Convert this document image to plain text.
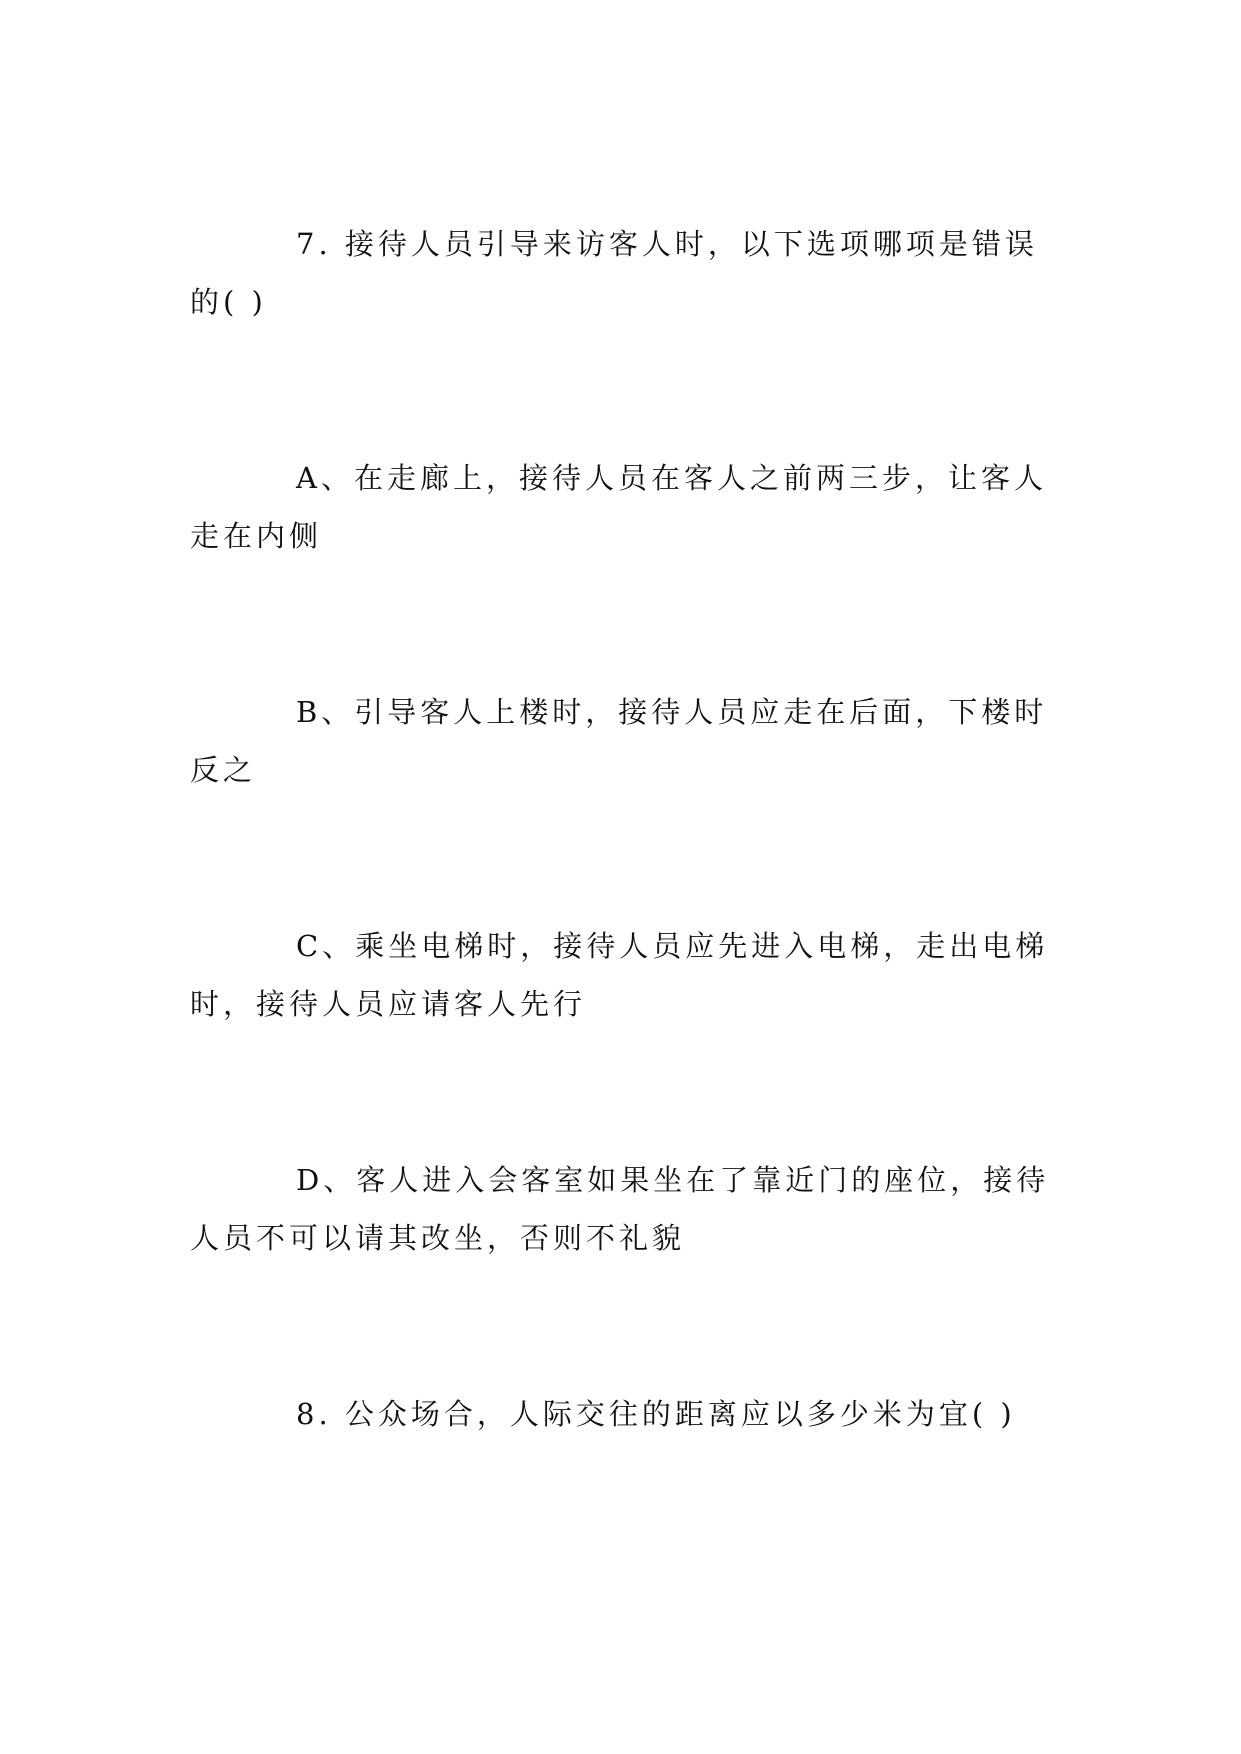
7. 接待人员引导来访客人时，以下选项哪项是错误的( )

A、在走廊上，接待人员在客人之前两三步，让客人走在内侧

B、引导客人上楼时，接待人员应走在后面，下楼时反之

C、乘坐电梯时，接待人员应先进入电梯，走出电梯时，接待人员应请客人先行

D、客人进入会客室如果坐在了靠近门的座位，接待人员不可以请其改坐，否则不礼貌

8. 公众场合，人际交往的距离应以多少米为宜( )
